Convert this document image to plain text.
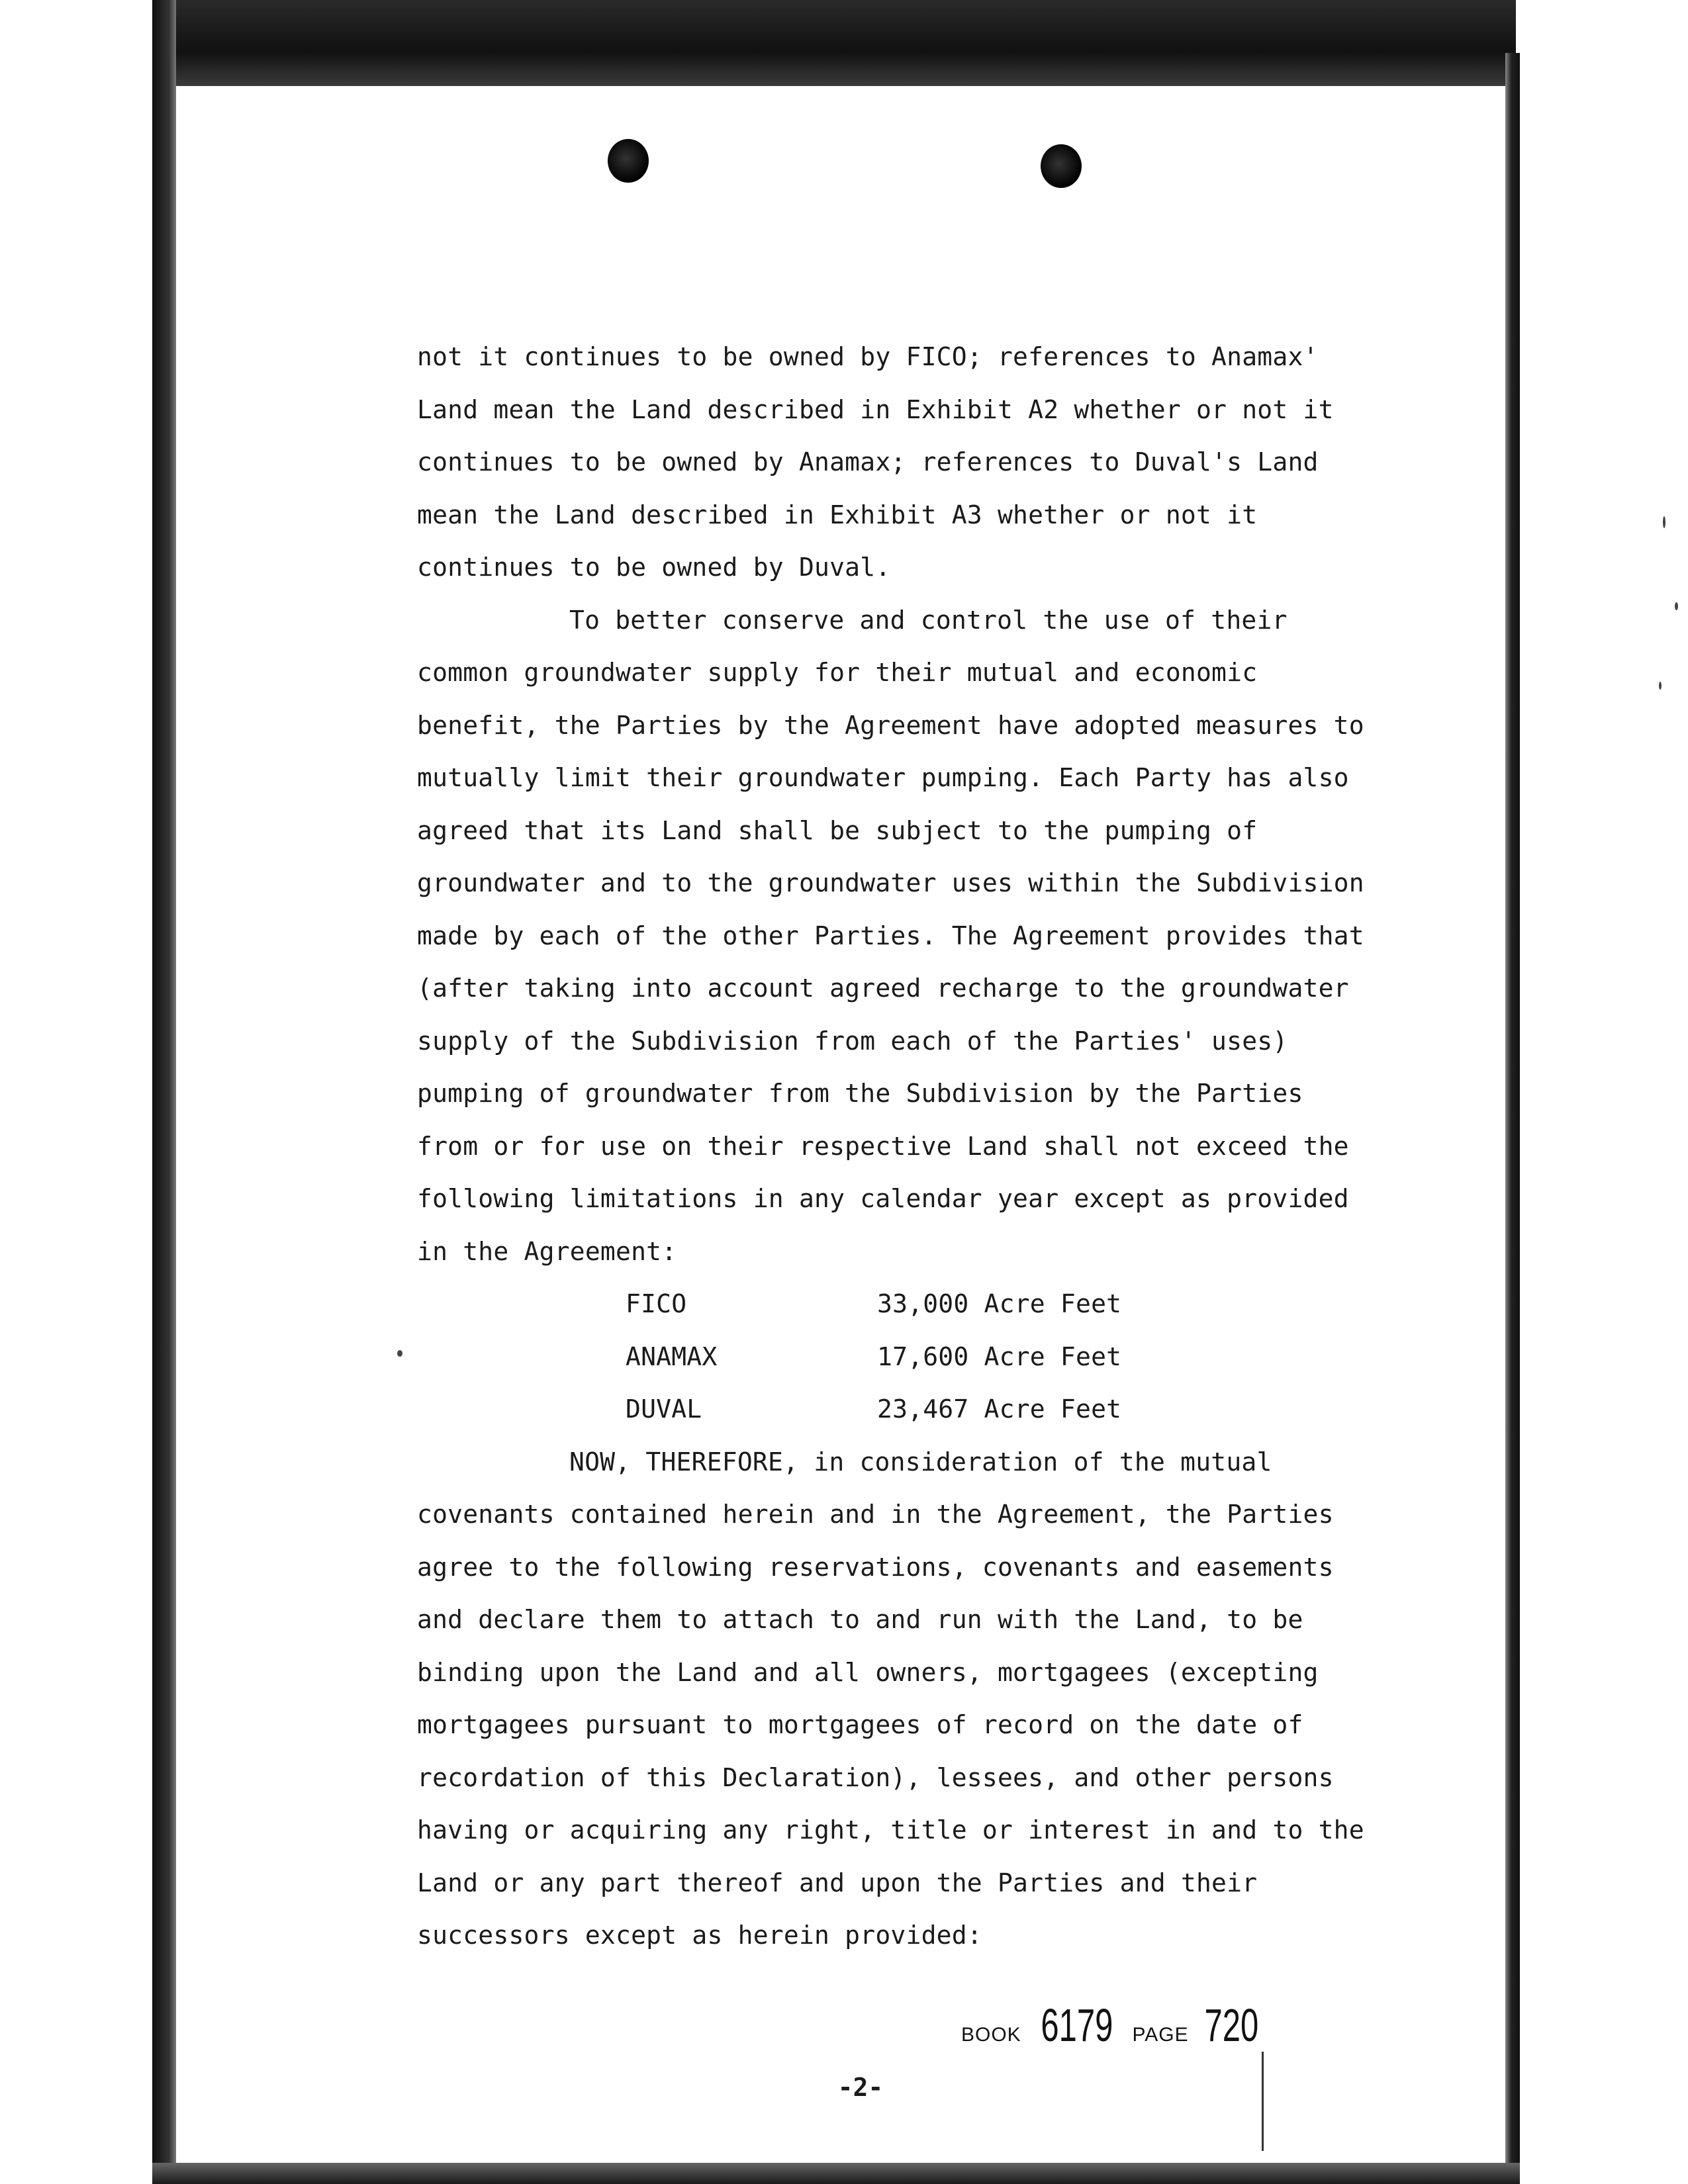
not it continues to be owned by FICO; references to Anamax' Land mean the Land described in Exhibit A2 whether or not it continues to be owned by Anamax; references to Duval's Land mean the Land described in Exhibit A3 whether or not it continues to be owned by Duval.

To better conserve and control the use of their common groundwater supply for their mutual and economic benefit, the Parties by the Agreement have adopted measures to mutually limit their groundwater pumping. Each Party has also agreed that its Land shall be subject to the pumping of groundwater and to the groundwater uses within the Subdivision made by each of the other Parties. The Agreement provides that (after taking into account agreed recharge to the groundwater supply of the Subdivision from each of the Parties' uses) pumping of groundwater from the Subdivision by the Parties from or for use on their respective Land shall not exceed the following limitations in any calendar year except as provided in the Agreement:

FICO	33,000 Acre Feet
ANAMAX	17,600 Acre Feet
DUVAL	23,467 Acre Feet

NOW, THEREFORE, in consideration of the mutual covenants contained herein and in the Agreement, the Parties agree to the following reservations, covenants and easements and declare them to attach to and run with the Land, to be binding upon the Land and all owners, mortgagees (excepting mortgagees pursuant to mortgagees of record on the date of recordation of this Declaration), lessees, and other persons having or acquiring any right, title or interest in and to the Land or any part thereof and upon the Parties and their successors except as herein provided:

BOOK 6179 PAGE 720
-2-
